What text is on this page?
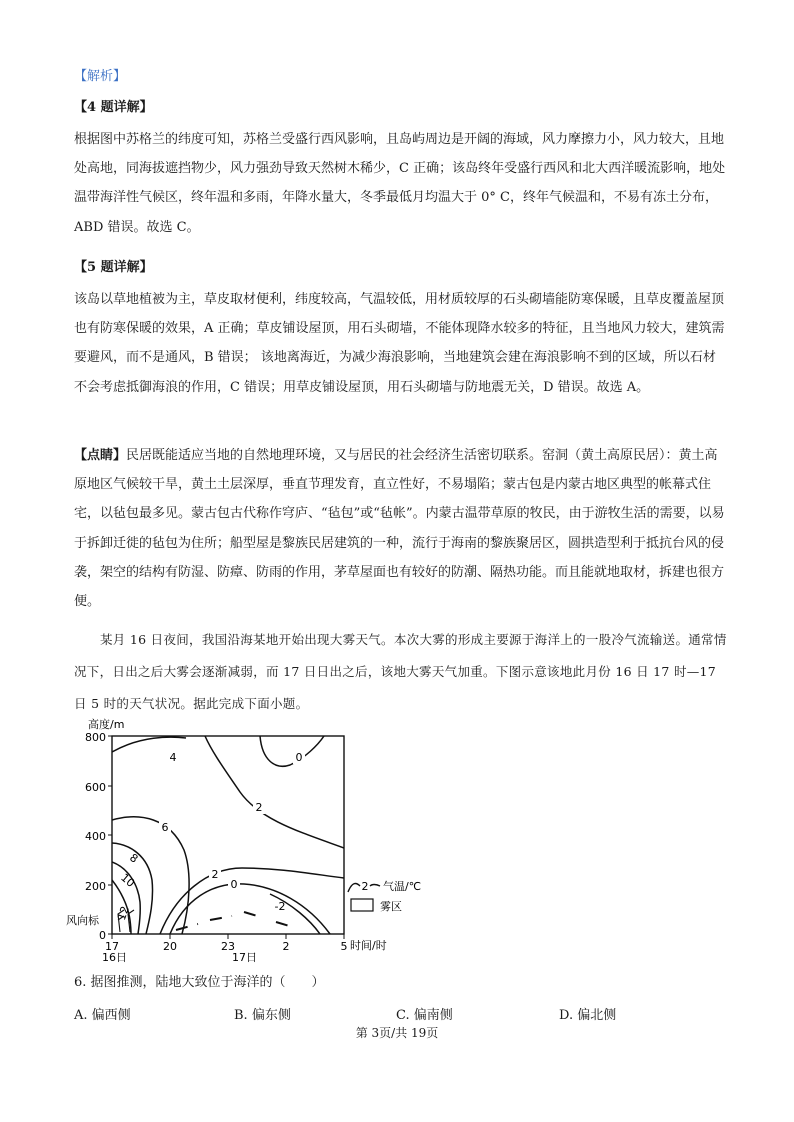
【解析】
【4 题详解】
根据图中苏格兰的纬度可知，苏格兰受盛行西风影响，且岛屿周边是开阔的海域，风力摩擦力小，风力较大，且地处高地，同海拔遮挡物少，风力强劲导致天然树木稀少，C 正确；该岛终年受盛行西风和北大西洋暖流影响，地处温带海洋性气候区，终年温和多雨，年降水量大，冬季最低月均温大于 0° C，终年气候温和，不易有冻土分布，ABD 错误。故选 C。
【5 题详解】
该岛以草地植被为主，草皮取材便利，纬度较高，气温较低，用材质较厚的石头砌墙能防寒保暖，且草皮覆盖屋顶也有防寒保暖的效果，A 正确；草皮铺设屋顶，用石头砌墙，不能体现降水较多的特征，且当地风力较大，建筑需要避风，而不是通风，B 错误； 该地离海近，为减少海浪影响，当地建筑会建在海浪影响不到的区域，所以石材不会考虑抵御海浪的作用，C 错误；用草皮铺设屋顶，用石头砌墙与防地震无关，D 错误。故选 A。
【点睛】民居既能适应当地的自然地理环境，又与居民的社会经济生活密切联系。窑洞（黄土高原民居）：黄土高原地区气候较干旱，黄土土层深厚，垂直节理发育，直立性好，不易塌陷；蒙古包是内蒙古地区典型的帐幕式住宅，以毡包最多见。蒙古包古代称作穹庐、“毡包”或“毡帐”。内蒙古温带草原的牧民，由于游牧生活的需要，以易于拆卸迁徙的毡包为住所；船型屋是黎族民居建筑的一种，流行于海南的黎族聚居区，圆拱造型利于抵抗台风的侵袭，架空的结构有防湿、防瘴、防雨的作用，茅草屋面也有较好的防潮、隔热功能。而且能就地取材，拆建也很方便。
某月 16 日夜间，我国沿海某地开始出现大雾天气。本次大雾的形成主要源于海洋上的一股冷气流输送。通常情况下，日出之后大雾会逐渐减弱，而 17 日日出之后，该地大雾天气加重。下图示意该地此月份 16 日 17 时—17 日 5 时的天气状况。据此完成下面小题。
高度/m
800
600
400
200
0
风向标
4	0
2
6
8
10
12
2
0
-2
17	20	23	2	5 时间/时
16日	17日
2 气温/℃
雾区
6. 据图推测，陆地大致位于海洋的（　　）
A. 偏西侧	B. 偏东侧	C. 偏南侧	D. 偏北侧
第 3页/共 19页
